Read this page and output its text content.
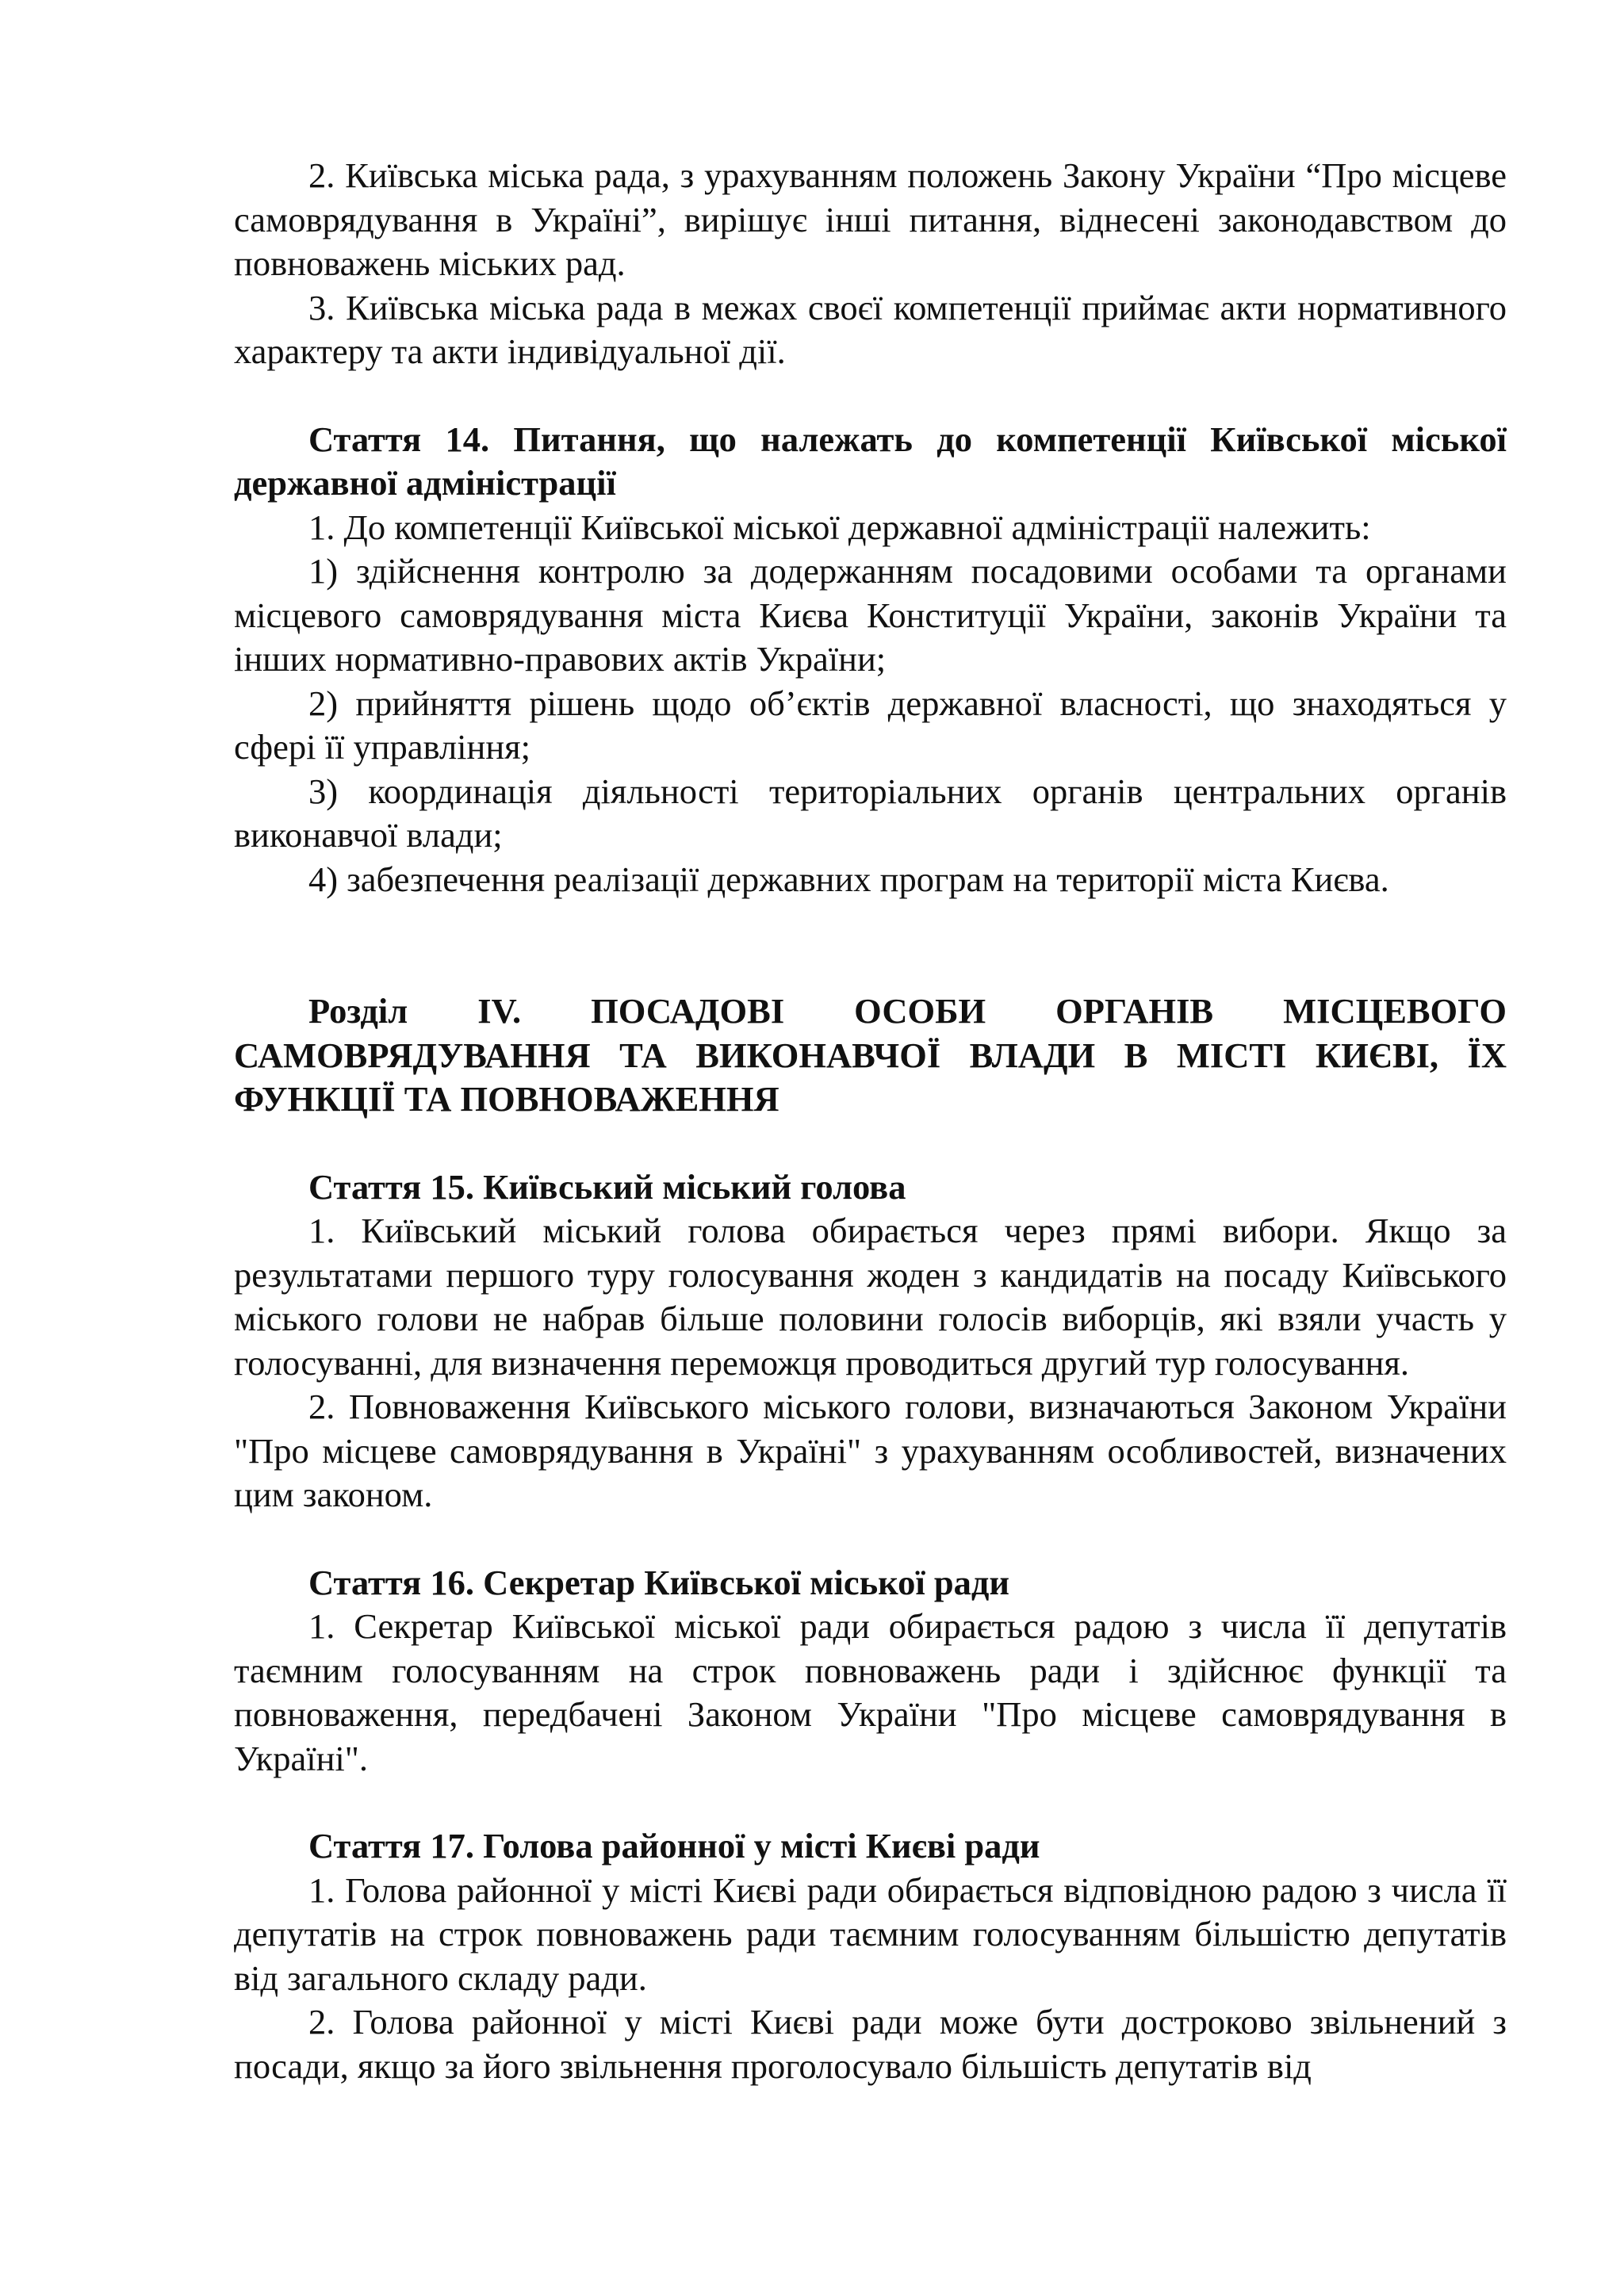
2. Київська міська рада, з урахуванням положень Закону України “Про місцеве самоврядування в Україні”, вирішує інші питання, віднесені законодавством до повноважень міських рад.

3. Київська міська рада в межах своєї компетенції приймає акти нормативного характеру та акти індивідуальної дії.

Стаття 14. Питання, що належать до компетенції Київської міської державної адміністрації

1. До компетенції Київської міської державної адміністрації належить:

1) здійснення контролю за додержанням посадовими особами та органами місцевого самоврядування міста Києва Конституції України, законів України та інших нормативно-правових актів України;

2) прийняття рішень щодо об’єктів державної власності, що знаходяться у сфері її управління;

3) координація діяльності територіальних органів центральних органів виконавчої влади;

4) забезпечення реалізації державних програм на території міста Києва.

Розділ IV. ПОСАДОВІ ОСОБИ ОРГАНІВ МІСЦЕВОГО
САМОВРЯДУВАННЯ ТА ВИКОНАВЧОЇ ВЛАДИ В МІСТІ КИЄВІ, ЇХ ФУНКЦІЇ ТА ПОВНОВАЖЕННЯ

Стаття 15. Київський міський голова

1. Київський міський голова обирається через прямі вибори. Якщо за результатами першого туру голосування жоден з кандидатів на посаду Київського міського голови не набрав більше половини голосів виборців, які взяли участь у голосуванні, для визначення переможця проводиться другий тур голосування.

2. Повноваження Київського міського голови, визначаються Законом України "Про місцеве самоврядування в Україні" з урахуванням особливостей, визначених цим законом.

Стаття 16. Секретар Київської міської ради

1. Секретар Київської міської ради обирається радою з числа її депутатів таємним голосуванням на строк повноважень ради і здійснює функції та повноваження, передбачені Законом України "Про місцеве самоврядування в Україні".

Стаття 17. Голова районної у місті Києві ради

1. Голова районної у місті Києві ради обирається відповідною радою з числа її депутатів на строк повноважень ради таємним голосуванням більшістю депутатів від загального складу ради.

2. Голова районної у місті Києві ради може бути достроково звільнений з посади, якщо за його звільнення проголосувало більшість депутатів від
